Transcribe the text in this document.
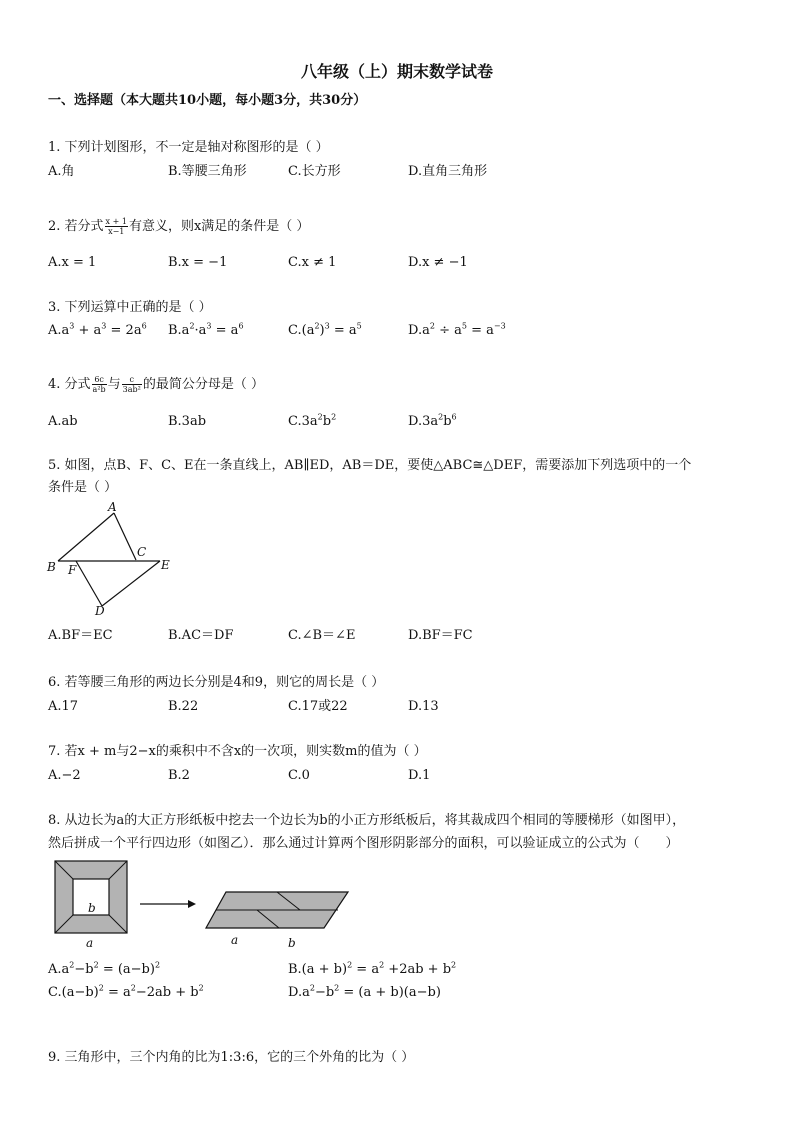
八年级（上）期末数学试卷
一、选择题（本大题共10小题，每小题3分，共30分）
1. 下列计划图形，不一定是轴对称图形的是（ ）
A.角	B.等腰三角形	C.长方形	D.直角三角形
2. 若分式 $\frac{x + 1}{x-1}$ 有意义，则x满足的条件是（ ）
A.x = 1	B.x = −1	C.x ≠ 1	D.x ≠ −1
3. 下列运算中正确的是（ ）
$A.a^3 + a^3 = 2a^6$ $B.a^2\cdot a^3 = a^6$	$C.(a^2)^3 = a^5$	$D.a^2 \div a^5 = a^{-3}$
4. 分式 $\frac{6c}{\text{a²b}}$ 与 $\frac{c}{\text{3ab²}}$ 的最简公分母是（ ）
A.ab	B.3ab	$C.3a^2b^2$	$D.3a^2b^6$
5. 如图，点B、F、C、E在一条直线上，AB∥ED，AB＝DE，要使△ABC≅△DEF，需要添加下列选项中的一个
条件是（ ）
A
B F
C
E
D
A.BF＝EC	B.AC＝DF	C.∠B＝∠E	D.BF＝FC
6. 若等腰三角形的两边长分别是4和9，则它的周长是（ ）
A.17	B.22	C.17或22	D.13
7. 若x + m与2−x的乘积中不含x的一次项，则实数m的值为（ ）
A.−2	B.2	C.0	D.1
8. 从边长为a的大正方形纸板中挖去一个边长为b的小正方形纸板后，将其裁成四个相同的等腰梯形（如图甲），
然后拼成一个平行四边形（如图乙）．那么通过计算两个图形阴影部分的面积，可以验证成立的公式为（　　）
b
a	a	b
$A.a^2-b^2 = (a-b)^2$	$B.(a + b)^2 = a^2 +2ab + b^2$
$C.(a-b)^2 = a^2-2ab + b^2$	$D.a^2-b^2 = (a + b)(a-b)$
9. 三角形中，三个内角的比为1:3:6，它的三个外角的比为（ ）
